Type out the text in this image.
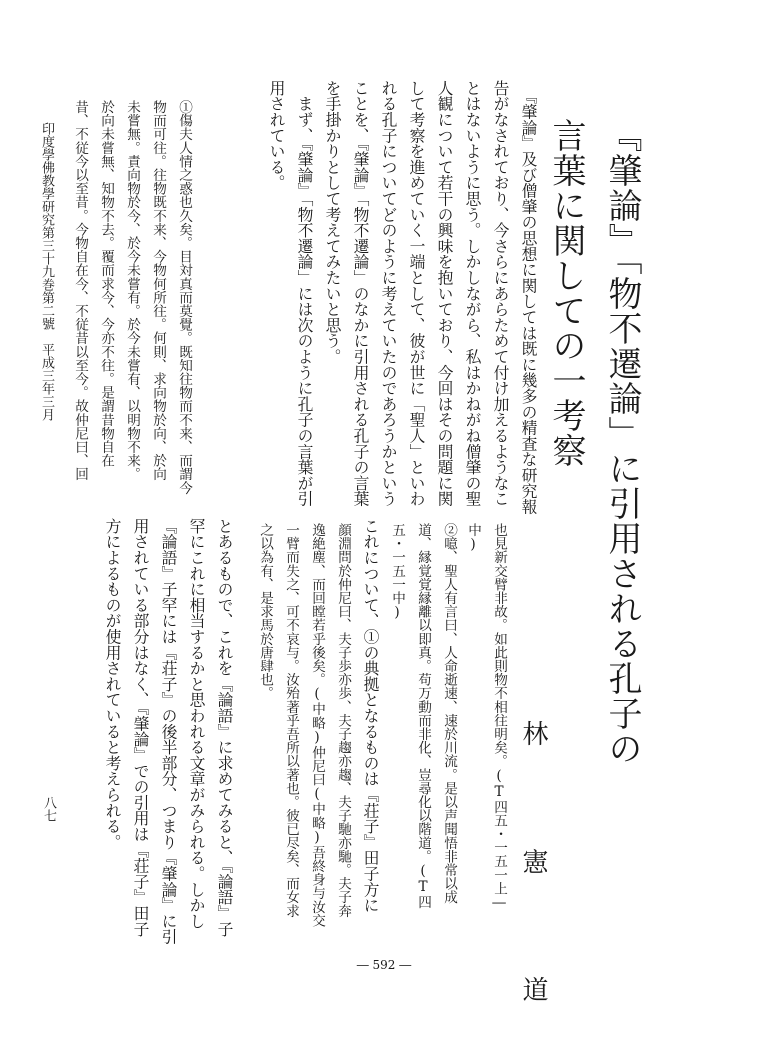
『肇論』「物不遷論」に引用される孔子の
言葉に関しての一考察
林　憲　道
　『肇論』及び僧肇の思想に関しては既に幾多の精査な研究報
告がなされており、今さらにあらためて付け加えるようなこ
とはないように思う。しかしながら、私はかねがね僧肇の聖
人観について若干の興味を抱いており、今回はその問題に関
して考察を進めていく一端として、彼が世に「聖人」といわ
れる孔子についてどのように考えていたのであろうかという
ことを、『肇論』「物不遷論」のなかに引用される孔子の言葉
を手掛かりとして考えてみたいと思う。
　まず、『肇論』「物不遷論」には次のように孔子の言葉が引
用されている。
①傷夫人情之惑也久矣。目対真而莫覺。既知往物而不来、而謂今
物而可往。往物既不来、今物何所往。何則、求向物於向、於向
未嘗無。責向物於今、於今未嘗有。於今未嘗有、以明物不来。
於向未嘗無、知物不去。覆而求今、今亦不往。是謂昔物自在
昔、不従今以至昔。今物自在今、不従昔以至今。故仲尼曰、回
印度學佛教學研究第三十九巻第二號　平成三年三月
也見新交臂非故。如此則物不相往明矣。(T四五・一五一上―
中)
②噫、聖人有言曰、人命逝速、速於川流。是以声聞悟非常以成
道、縁覚覚縁離以即真。苟万動而非化、豈尋化以階道。(T四
五・一五一中)
これについて、①の典拠となるものは『荘子』田子方に
顔淵問於仲尼曰、夫子歩亦歩、夫子趨亦趨、夫子馳亦馳。夫子奔
逸絶塵、而回瞠若乎後矣。(中略)仲尼曰(中略)吾終身与汝交
一臂而失之、可不哀与。汝殆著乎吾所以著也。彼已尽矣、而女求
之以為有、是求馬於唐肆也。
とあるもので、これを『論語』に求めてみると、『論語』子
罕にこれに相当するかと思われる文章がみられる。しかし
『論語』子罕には『荘子』の後半部分、つまり『肇論』に引
用されている部分はなく、『肇論』での引用は『荘子』田子
方によるものが使用されていると考えられる。
八七
― 592 ―
